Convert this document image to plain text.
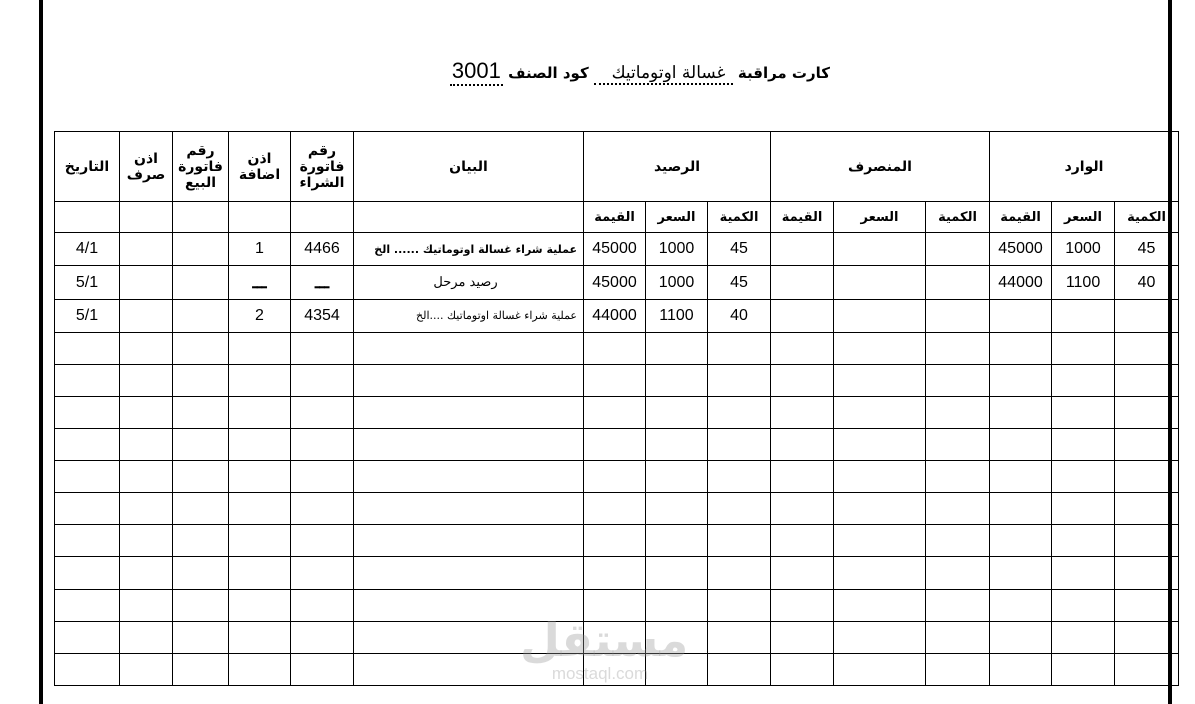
كارت مراقبة  غسالة اوتوماتيك    كود الصنف 3001
الوارد			المنصرف			الرصيد			البيان	رقم فاتورة الشراء	اذن اضافة	رقم فاتورة البيع	اذن صرف	التاريخ
الكمية	السعر	القيمة	الكمية	السعر	القيمة	الكمية	السعر	القيمة						
45	1000	45000				45	1000	45000	عملية شراء غسالة اوتوماتيك ...... الخ	4466	1			4/1
40	1100	44000				45	1000	45000	رصيد مرحل	ـــ	ـــ			5/1
						40	1100	44000	عملية شراء غسالة اوتوماتيك ....الخ	4354	2			5/1

مستقل
mostaql.com
